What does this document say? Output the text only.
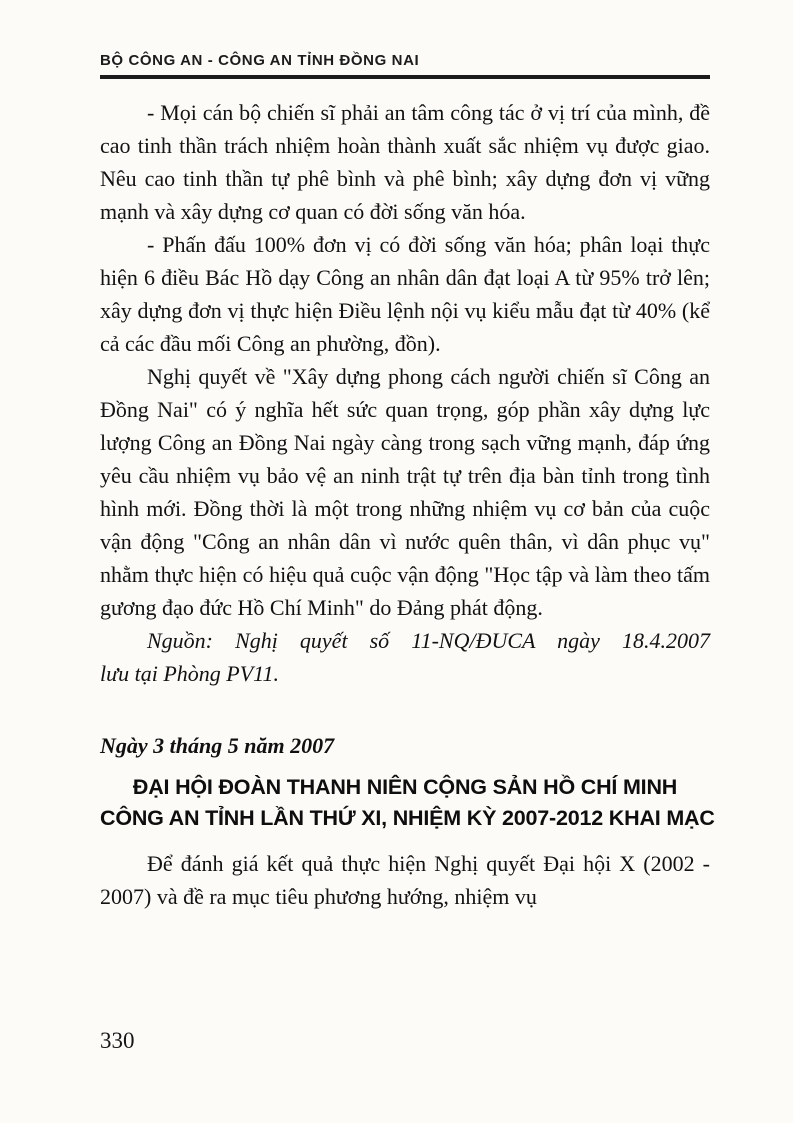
BỘ CÔNG AN - CÔNG AN TỈNH ĐỒNG NAI

- Mọi cán bộ chiến sĩ phải an tâm công tác ở vị trí của mình, đề cao tinh thần trách nhiệm hoàn thành xuất sắc nhiệm vụ được giao. Nêu cao tinh thần tự phê bình và phê bình; xây dựng đơn vị vững mạnh và xây dựng cơ quan có đời sống văn hóa.

- Phấn đấu 100% đơn vị có đời sống văn hóa; phân loại thực hiện 6 điều Bác Hồ dạy Công an nhân dân đạt loại A từ 95% trở lên; xây dựng đơn vị thực hiện Điều lệnh nội vụ kiểu mẫu đạt từ 40% (kể cả các đầu mối Công an phường, đồn).

Nghị quyết về "Xây dựng phong cách người chiến sĩ Công an Đồng Nai" có ý nghĩa hết sức quan trọng, góp phần xây dựng lực lượng Công an Đồng Nai ngày càng trong sạch vững mạnh, đáp ứng yêu cầu nhiệm vụ bảo vệ an ninh trật tự trên địa bàn tỉnh trong tình hình mới. Đồng thời là một trong những nhiệm vụ cơ bản của cuộc vận động "Công an nhân dân vì nước quên thân, vì dân phục vụ" nhằm thực hiện có hiệu quả cuộc vận động "Học tập và làm theo tấm gương đạo đức Hồ Chí Minh" do Đảng phát động.

Nguồn: Nghị quyết số 11-NQ/ĐUCA ngày 18.4.2007
lưu tại Phòng PV11.
Ngày 3 tháng 5 năm 2007
ĐẠI HỘI ĐOÀN THANH NIÊN CỘNG SẢN HỒ CHÍ MINH
CÔNG AN TỈNH LẦN THỨ XI, NHIỆM KỲ 2007-2012 KHAI MẠC

Để đánh giá kết quả thực hiện Nghị quyết Đại hội X (2002 - 2007) và đề ra mục tiêu phương hướng, nhiệm vụ

330
